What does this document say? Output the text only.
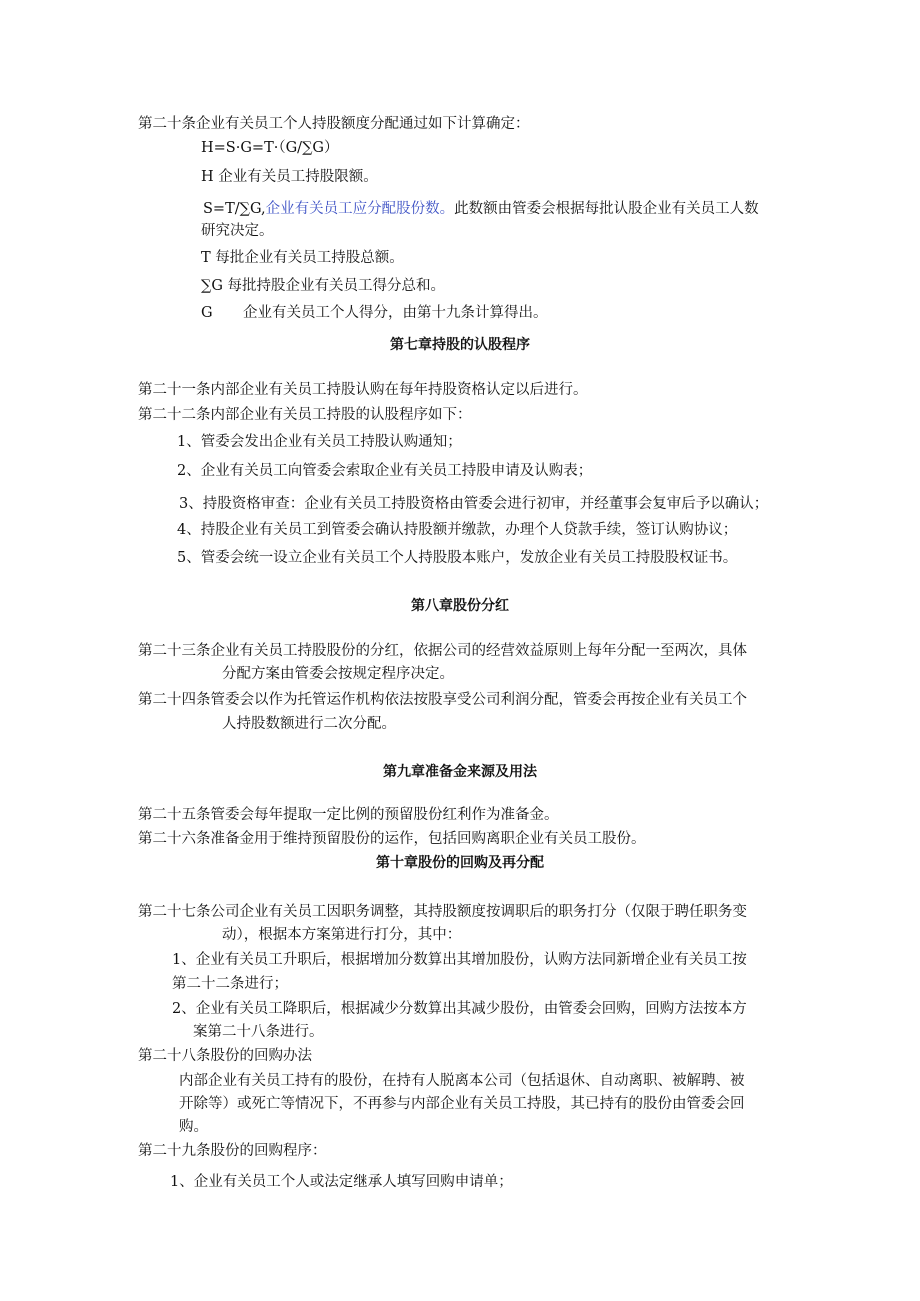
第二十条企业有关员工个人持股额度分配通过如下计算确定：
H=S·G=T·（G/∑G）
H 企业有关员工持股限额。
S=T/∑G,企业有关员工应分配股份数。此数额由管委会根据每批认股企业有关员工人数
研究决定。
T 每批企业有关员工持股总额。
∑G 每批持股企业有关员工得分总和。
G 企业有关员工个人得分，由第十九条计算得出。
第七章持股的认股程序
第二十一条内部企业有关员工持股认购在每年持股资格认定以后进行。
第二十二条内部企业有关员工持股的认股程序如下：
1、管委会发出企业有关员工持股认购通知；
2、企业有关员工向管委会索取企业有关员工持股申请及认购表；
3、持股资格审查：企业有关员工持股资格由管委会进行初审，并经董事会复审后予以确认；
4、持股企业有关员工到管委会确认持股额并缴款，办理个人贷款手续，签订认购协议；
5、管委会统一设立企业有关员工个人持股股本账户，发放企业有关员工持股股权证书。
第八章股份分红
第二十三条企业有关员工持股股份的分红，依据公司的经营效益原则上每年分配一至两次，具体
分配方案由管委会按规定程序决定。
第二十四条管委会以作为托管运作机构依法按股享受公司利润分配，管委会再按企业有关员工个
人持股数额进行二次分配。
第九章准备金来源及用法
第二十五条管委会每年提取一定比例的预留股份红利作为准备金。
第二十六条准备金用于维持预留股份的运作，包括回购离职企业有关员工股份。
第十章股份的回购及再分配
第二十七条公司企业有关员工因职务调整，其持股额度按调职后的职务打分（仅限于聘任职务变
动），根据本方案第进行打分，其中：
1、企业有关员工升职后，根据增加分数算出其增加股份，认购方法同新增企业有关员工按
第二十二条进行；
2、企业有关员工降职后，根据减少分数算出其减少股份，由管委会回购，回购方法按本方
案第二十八条进行。
第二十八条股份的回购办法
内部企业有关员工持有的股份，在持有人脱离本公司（包括退休、自动离职、被解聘、被
开除等）或死亡等情况下，不再参与内部企业有关员工持股，其已持有的股份由管委会回
购。
第二十九条股份的回购程序：
1、企业有关员工个人或法定继承人填写回购申请单；
